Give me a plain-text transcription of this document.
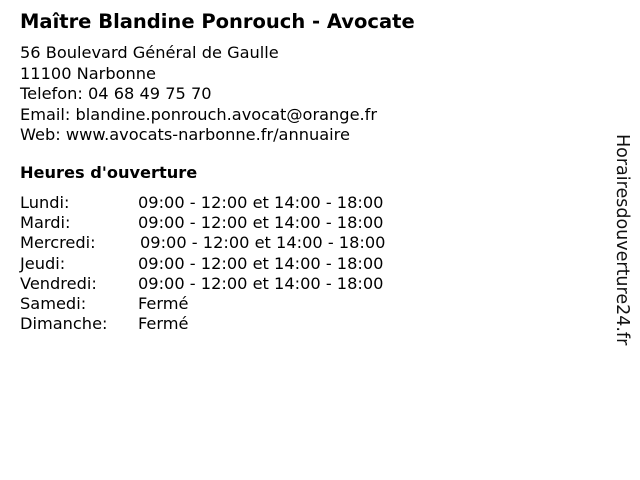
Maître Blandine Ponrouch - Avocate
56 Boulevard Général de Gaulle
11100 Narbonne
Telefon: 04 68 49 75 70
Email: blandine.ponrouch.avocat@orange.fr
Web: www.avocats-narbonne.fr/annuaire
Heures d'ouverture
Lundi:	09:00 - 12:00 et 14:00 - 18:00
Mardi:	09:00 - 12:00 et 14:00 - 18:00
Mercredi:	09:00 - 12:00 et 14:00 - 18:00
Jeudi:	09:00 - 12:00 et 14:00 - 18:00
Vendredi:	09:00 - 12:00 et 14:00 - 18:00
Samedi:	Fermé
Dimanche: Fermé	Horairesdouverture24.fr
